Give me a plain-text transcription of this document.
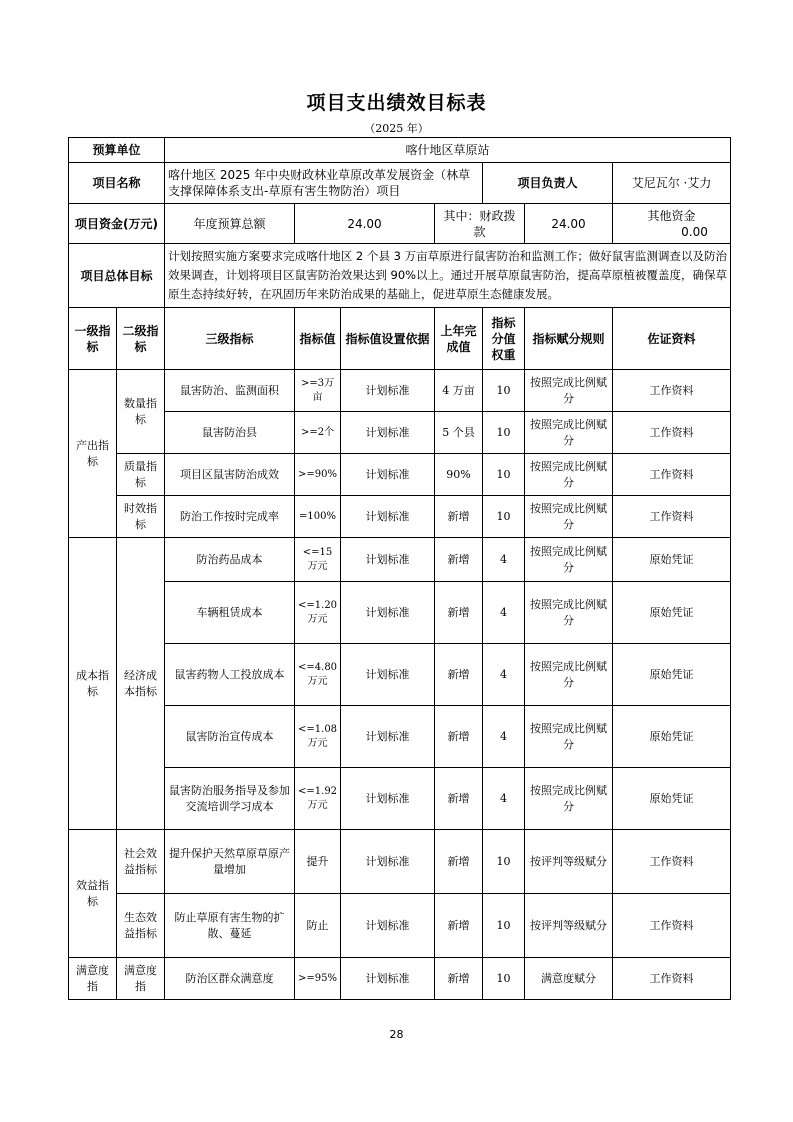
项目支出绩效目标表
（2025 年）
预算单位		喀什地区草原站						
项目名称		喀什地区 2025 年中央财政林业草原改革发展资金（林草支撑保障体系支出-草原有害生物防治）项目				项目负责人		艾尼瓦尔 ·艾力
项目资金(万元)		年度预算总额	24.00		其中：财政拨款		24.00	其他资金0.00
项目总体目标		计划按照实施方案要求完成喀什地区 2 个县 3 万亩草原进行鼠害防治和监测工作；做好鼠害监测调查以及防治效果调查，计划将项目区鼠害防治效果达到 90%以上。通过开展草原鼠害防治，提高草原植被覆盖度，确保草原生态持续好转，在巩固历年来防治成果的基础上，促进草原生态健康发展。						
一级指标	二级指标	三级指标	指标值	指标值设置依据	上年完成值	指标分值权重	指标赋分规则	佐证资料
产出指标	数量指标	鼠害防治、监测面积	>=3万亩	计划标准	4 万亩	10	按照完成比例赋分	工作资料
		鼠害防治县	>=2个	计划标准	5 个县	10	按照完成比例赋分	工作资料
	质量指标	项目区鼠害防治成效	>=90%	计划标准	90%	10	按照完成比例赋分	工作资料
	时效指标	防治工作按时完成率	=100%	计划标准	新增	10	按照完成比例赋分	工作资料
成本指标	经济成本指标	防治药品成本	<=15万元	计划标准	新增	4	按照完成比例赋分	原始凭证
		车辆租赁成本	<=1.20万元	计划标准	新增	4	按照完成比例赋分	原始凭证
		鼠害药物人工投放成本	<=4.80万元	计划标准	新增	4	按照完成比例赋分	原始凭证
		鼠害防治宣传成本	<=1.08万元	计划标准	新增	4	按照完成比例赋分	原始凭证
		鼠害防治服务指导及参加交流培训学习成本	<=1.92万元	计划标准	新增	4	按照完成比例赋分	原始凭证
效益指标	社会效益指标	提升保护天然草原草原产量增加	提升	计划标准	新增	10	按评判等级赋分	工作资料
	生态效益指标	防止草原有害生物的扩散、蔓延	防止	计划标准	新增	10	按评判等级赋分	工作资料
满意度指	满意度指	防治区群众满意度	>=95%	计划标准	新增	10	满意度赋分	工作资料
28
